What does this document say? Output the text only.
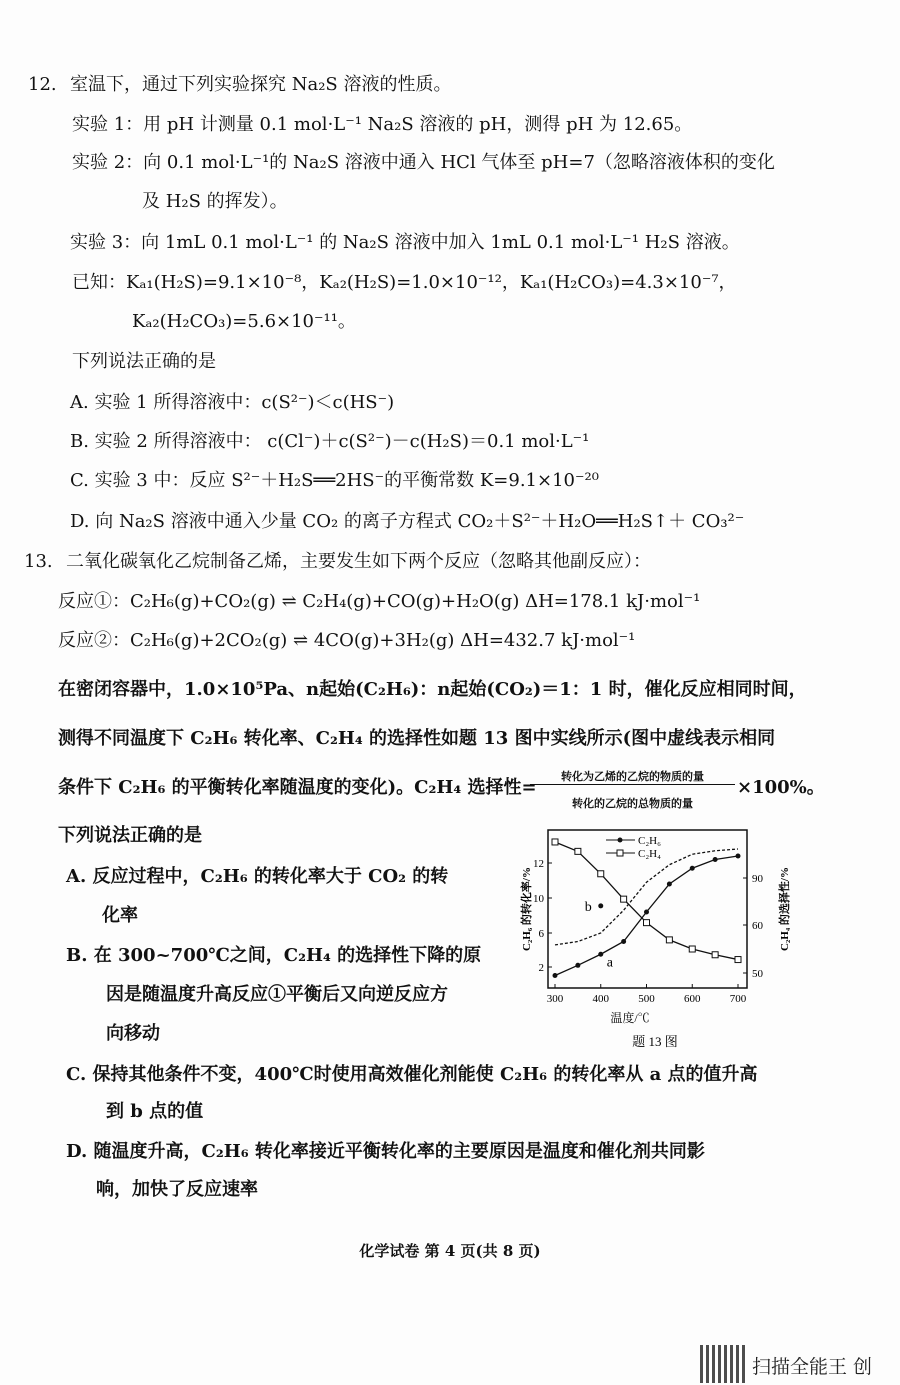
12. 室温下，通过下列实验探究 Na₂S 溶液的性质。
实验 1：用 pH 计测量 0.1 mol·L⁻¹ Na₂S 溶液的 pH，测得 pH 为 12.65。
实验 2：向 0.1 mol·L⁻¹的 Na₂S 溶液中通入 HCl 气体至 pH=7（忽略溶液体积的变化
及 H₂S 的挥发）。
实验 3：向 1mL 0.1 mol·L⁻¹ 的 Na₂S 溶液中加入 1mL 0.1 mol·L⁻¹ H₂S 溶液。
已知：Kₐ₁(H₂S)=9.1×10⁻⁸，Kₐ₂(H₂S)=1.0×10⁻¹²，Kₐ₁(H₂CO₃)=4.3×10⁻⁷，
Kₐ₂(H₂CO₃)=5.6×10⁻¹¹。
下列说法正确的是
A. 实验 1 所得溶液中：c(S²⁻)＜c(HS⁻)
B. 实验 2 所得溶液中： c(Cl⁻)＋c(S²⁻)－c(H₂S)＝0.1 mol·L⁻¹
C. 实验 3 中：反应 S²⁻＋H₂S══2HS⁻的平衡常数 K=9.1×10⁻²⁰
D. 向 Na₂S 溶液中通入少量 CO₂ 的离子方程式 CO₂＋S²⁻＋H₂O══H₂S↑＋ CO₃²⁻
13. 二氧化碳氧化乙烷制备乙烯，主要发生如下两个反应（忽略其他副反应）：
反应①：C₂H₆(g)+CO₂(g) ⇌ C₂H₄(g)+CO(g)+H₂O(g) ΔH=178.1 kJ·mol⁻¹
反应②：C₂H₆(g)+2CO₂(g) ⇌ 4CO(g)+3H₂(g) ΔH=432.7 kJ·mol⁻¹
在密闭容器中，1.0×10⁵Pa、n起始(C₂H₆)：n起始(CO₂)＝1：1 时，催化反应相同时间，
测得不同温度下 C₂H₆ 转化率、C₂H₄ 的选择性如题 13 图中实线所示(图中虚线表示相同
条件下 C₂H₆ 的平衡转化率随温度的变化)。C₂H₄ 选择性=
转化为乙烯的乙烷的物质的量
转化的乙烷的总物质的量
×100%。
下列说法正确的是
A. 反应过程中，C₂H₆ 的转化率大于 CO₂ 的转
化率
B. 在 300~700℃之间，C₂H₄ 的选择性下降的原
因是随温度升高反应①平衡后又向逆反应方
向移动
C. 保持其他条件不变，400℃时使用高效催化剂能使 C₂H₆ 的转化率从 a 点的值升高
到 b 点的值
D. 随温度升高，C₂H₆ 转化率接近平衡转化率的主要原因是温度和催化剂共同影
响，加快了反应速率
300	400	500	600	700
2
6
10
12
50
60
90
a
b
C₂H₆ 的转化率/%	C₂H₄ 的选择性/%
温度/℃
题 13 图
C₂H₆
C₂H₄
化学试卷 第 4 页(共 8 页)
扫描全能王 创
